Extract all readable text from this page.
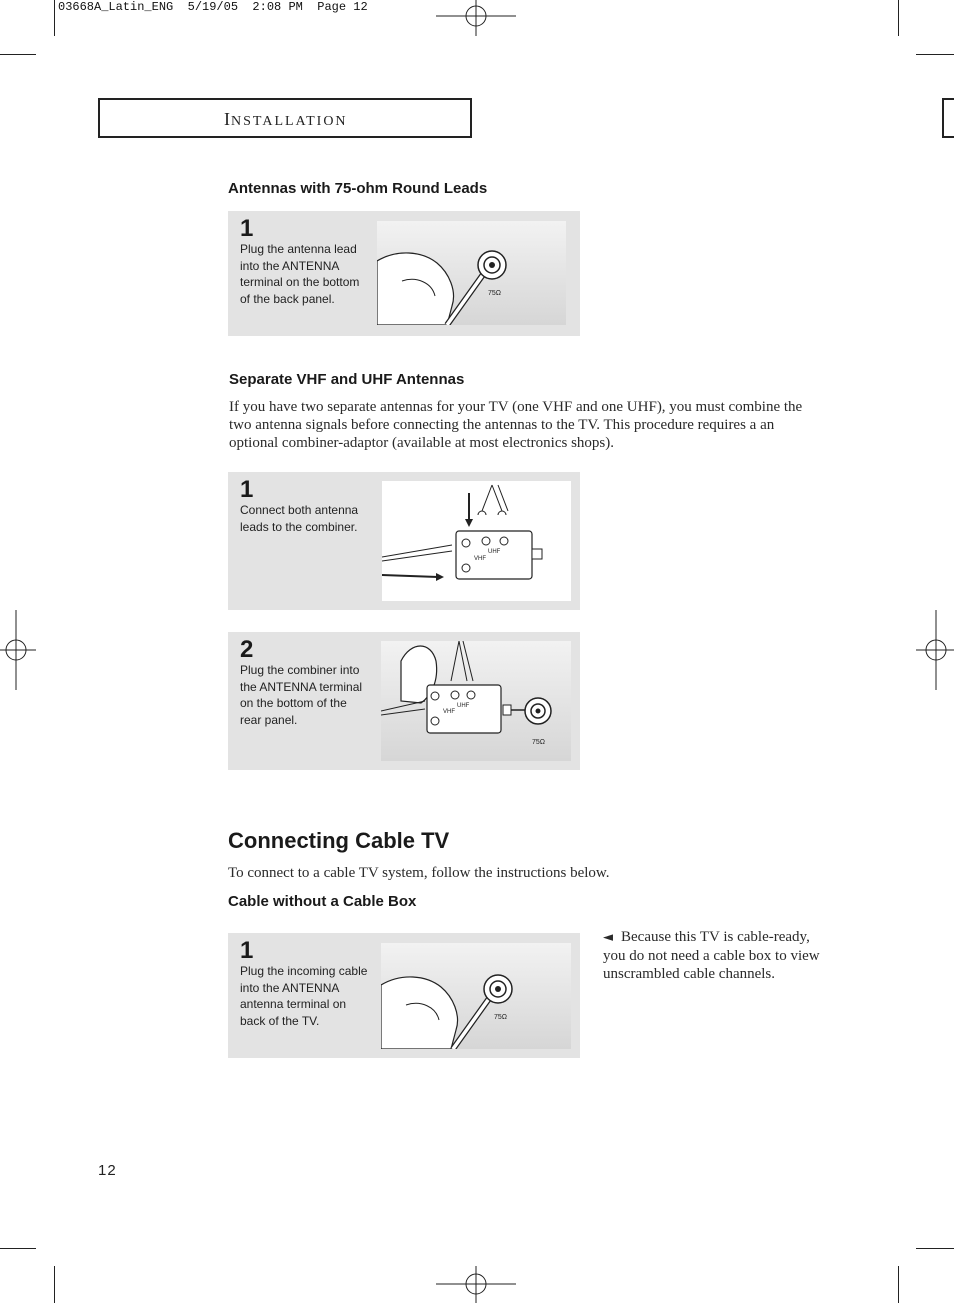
03668A_Latin_ENG  5/19/05  2:08 PM  Page 12
INSTALLATION
Antennas with 75-ohm Round Leads
1
Plug the antenna lead into the ANTENNA terminal on the bottom of the back panel.	75Ω
Separate VHF and UHF Antennas
If you have two separate antennas for your TV (one VHF and one UHF), you must combine the two antenna signals before connecting the antennas to the TV. This procedure requires a an optional combiner-adaptor (available at most electronics shops).
1
Connect both antenna leads to the combiner.
VHF
UHF
2
Plug the combiner into the ANTENNA terminal on the bottom of the rear panel.
VHF
UHF
75Ω
Connecting Cable TV
To connect to a cable TV system, follow the instructions below.
Cable without a Cable Box
1
Plug the incoming cable into the ANTENNA antenna terminal on back of the TV.	75Ω
◄ Because this TV is cable-ready, you do not need a cable box to view unscrambled cable channels.
12
